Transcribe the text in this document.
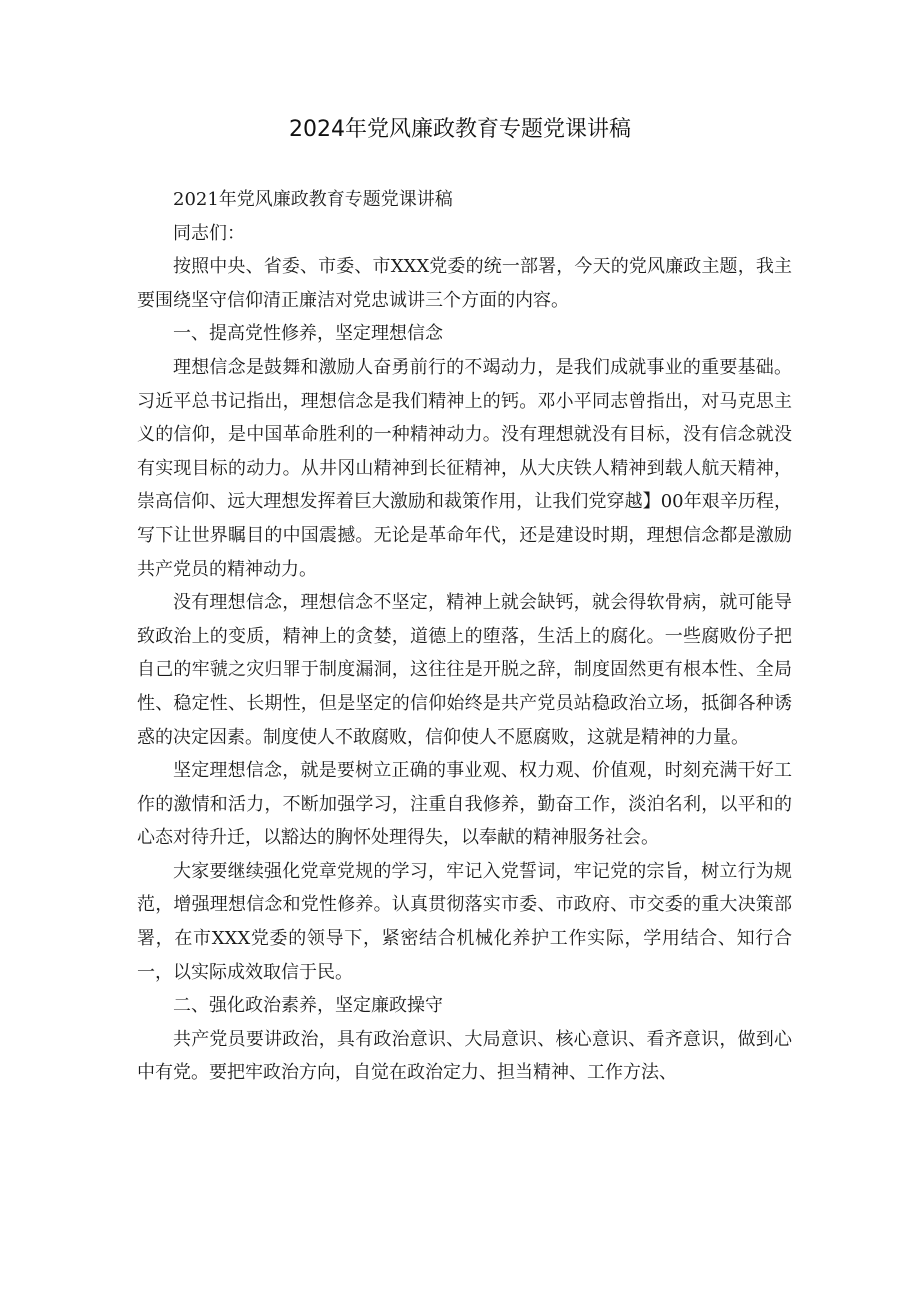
2024年党风廉政教育专题党课讲稿

2021年党风廉政教育专题党课讲稿

同志们：

按照中央、省委、市委、市XXX党委的统一部署，今天的党风廉政主题，我主要围绕坚守信仰清正廉洁对党忠诚讲三个方面的内容。

一、提高党性修养，坚定理想信念

理想信念是鼓舞和激励人奋勇前行的不竭动力，是我们成就事业的重要基础。习近平总书记指出，理想信念是我们精神上的钙。邓小平同志曾指出，对马克思主义的信仰，是中国革命胜利的一种精神动力。没有理想就没有目标，没有信念就没有实现目标的动力。从井冈山精神到长征精神，从大庆铁人精神到载人航天精神，崇高信仰、远大理想发挥着巨大激励和裁策作用，让我们党穿越】00年艰辛历程，写下让世界瞩目的中国震撼。无论是革命年代，还是建设时期，理想信念都是激励共产党员的精神动力。

没有理想信念，理想信念不坚定，精神上就会缺钙，就会得软骨病，就可能导致政治上的变质，精神上的贪婪，道德上的堕落，生活上的腐化。一些腐败份子把自己的牢虢之灾归罪于制度漏洞，这往往是开脱之辞，制度固然更有根本性、全局性、稳定性、长期性，但是坚定的信仰始终是共产党员站稳政治立场，抵御各种诱惑的决定因素。制度使人不敢腐败，信仰使人不愿腐败，这就是精神的力量。

坚定理想信念，就是要树立正确的事业观、权力观、价值观，时刻充满干好工作的激情和活力，不断加强学习，注重自我修养，勤奋工作，淡泊名利，以平和的心态对待升迁，以豁达的胸怀处理得失，以奉献的精神服务社会。

大家要继续强化党章党规的学习，牢记入党誓词，牢记党的宗旨，树立行为规范，增强理想信念和党性修养。认真贯彻落实市委、市政府、市交委的重大决策部署，在市XXX党委的领导下，紧密结合机械化养护工作实际，学用结合、知行合一，以实际成效取信于民。

二、强化政治素养，坚定廉政操守

共产党员要讲政治，具有政治意识、大局意识、核心意识、看齐意识，做到心中有党。要把牢政治方向，自觉在政治定力、担当精神、工作方法、
